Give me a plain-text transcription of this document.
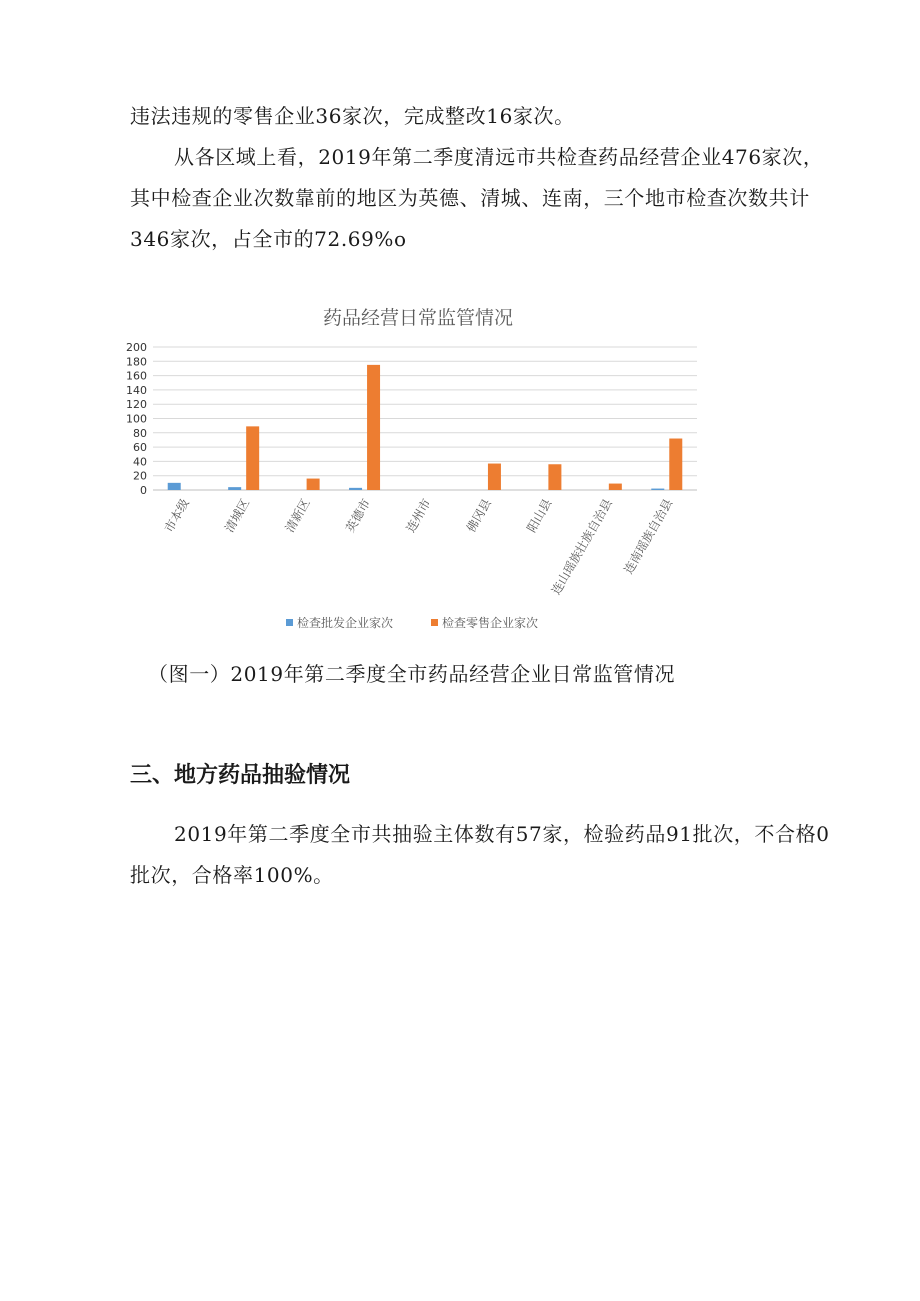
违法违规的零售企业36家次，完成整改16家次。

从各区域上看，2019年第二季度清远市共检查药品经营企业476家次，其中检查企业次数靠前的地区为英德、清城、连南，三个地市检查次数共计346家次，占全市的72.69%o

药品经营日常监管情况
0
20
40
60
80
100
120
140
160
180
200
市本级	清城区	清新区	英德市	连州市	佛冈县	阳山县
连山瑶族壮族自治县 连南瑶族自治县
检查批发企业家次	检查零售企业家次

（图一）2019年第二季度全市药品经营企业日常监管情况

三、地方药品抽验情况

2019年第二季度全市共抽验主体数有57家，检验药品91批次，不合格0批次，合格率100%。
